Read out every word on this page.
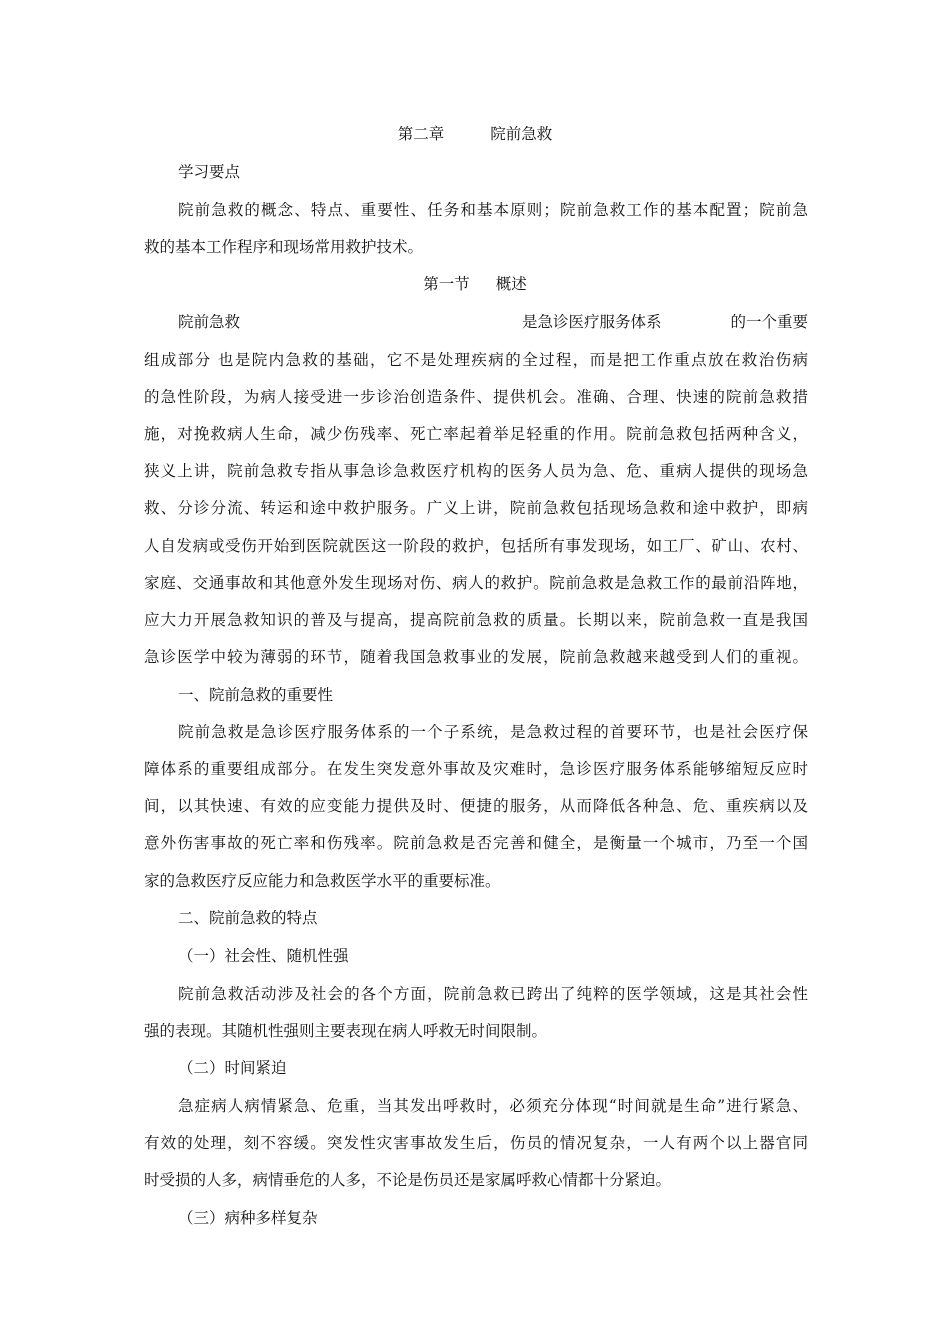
第二章	院前急救
学习要点
院前急救的概念、特点、重要性、任务和基本原则；院前急救工作的基本配置；院前急
救的基本工作程序和现场常用救护技术。
第一节 概述
院前急救	是急诊医疗服务体系	的一个重要
组成部分 也是院内急救的基础，它不是处理疾病的全过程，而是把工作重点放在救治伤病
的急性阶段，为病人接受进一步诊治创造条件、提供机会。准确、合理、快速的院前急救措
施，对挽救病人生命，减少伤残率、死亡率起着举足轻重的作用。院前急救包括两种含义，
狭义上讲，院前急救专指从事急诊急救医疗机构的医务人员为急、危、重病人提供的现场急
救、分诊分流、转运和途中救护服务。广义上讲，院前急救包括现场急救和途中救护，即病
人自发病或受伤开始到医院就医这一阶段的救护，包括所有事发现场，如工厂、矿山、农村、
家庭、交通事故和其他意外发生现场对伤、病人的救护。院前急救是急救工作的最前沿阵地，
应大力开展急救知识的普及与提高，提高院前急救的质量。长期以来，院前急救一直是我国
急诊医学中较为薄弱的环节，随着我国急救事业的发展，院前急救越来越受到人们的重视。
一、院前急救的重要性
院前急救是急诊医疗服务体系的一个子系统，是急救过程的首要环节，也是社会医疗保
障体系的重要组成部分。在发生突发意外事故及灾难时，急诊医疗服务体系能够缩短反应时
间，以其快速、有效的应变能力提供及时、便捷的服务，从而降低各种急、危、重疾病以及
意外伤害事故的死亡率和伤残率。院前急救是否完善和健全，是衡量一个城市，乃至一个国
家的急救医疗反应能力和急救医学水平的重要标准。
二、院前急救的特点
（一）社会性、随机性强
院前急救活动涉及社会的各个方面，院前急救已跨出了纯粹的医学领域，这是其社会性
强的表现。其随机性强则主要表现在病人呼救无时间限制。
（二）时间紧迫
急症病人病情紧急、危重，当其发出呼救时，必须充分体现“时间就是生命”进行紧急、
有效的处理，刻不容缓。突发性灾害事故发生后，伤员的情况复杂，一人有两个以上器官同
时受损的人多，病情垂危的人多，不论是伤员还是家属呼救心情都十分紧迫。
（三）病种多样复杂
